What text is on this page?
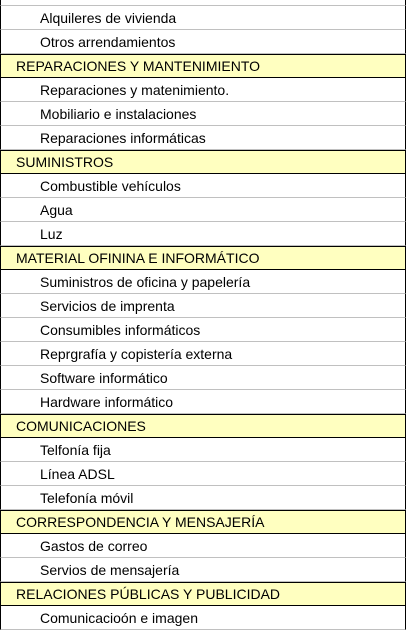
Alquileres de vivienda
Otros arrendamientos
REPARACIONES Y MANTENIMIENTO
Reparaciones y matenimiento.
Mobiliario e instalaciones
Reparaciones informáticas
SUMINISTROS
Combustible vehículos
Agua
Luz
MATERIAL OFININA E INFORMÁTICO
Suministros de oficina y papelería
Servicios de imprenta
Consumibles informáticos
Reprgrafía y copistería externa
Software informático
Hardware informático
COMUNICACIONES
Telfonía fija
Línea ADSL
Telefonía móvil
CORRESPONDENCIA Y MENSAJERÍA
Gastos de correo
Servios de mensajería
RELACIONES PÚBLICAS Y PUBLICIDAD
Comunicacioón e imagen
